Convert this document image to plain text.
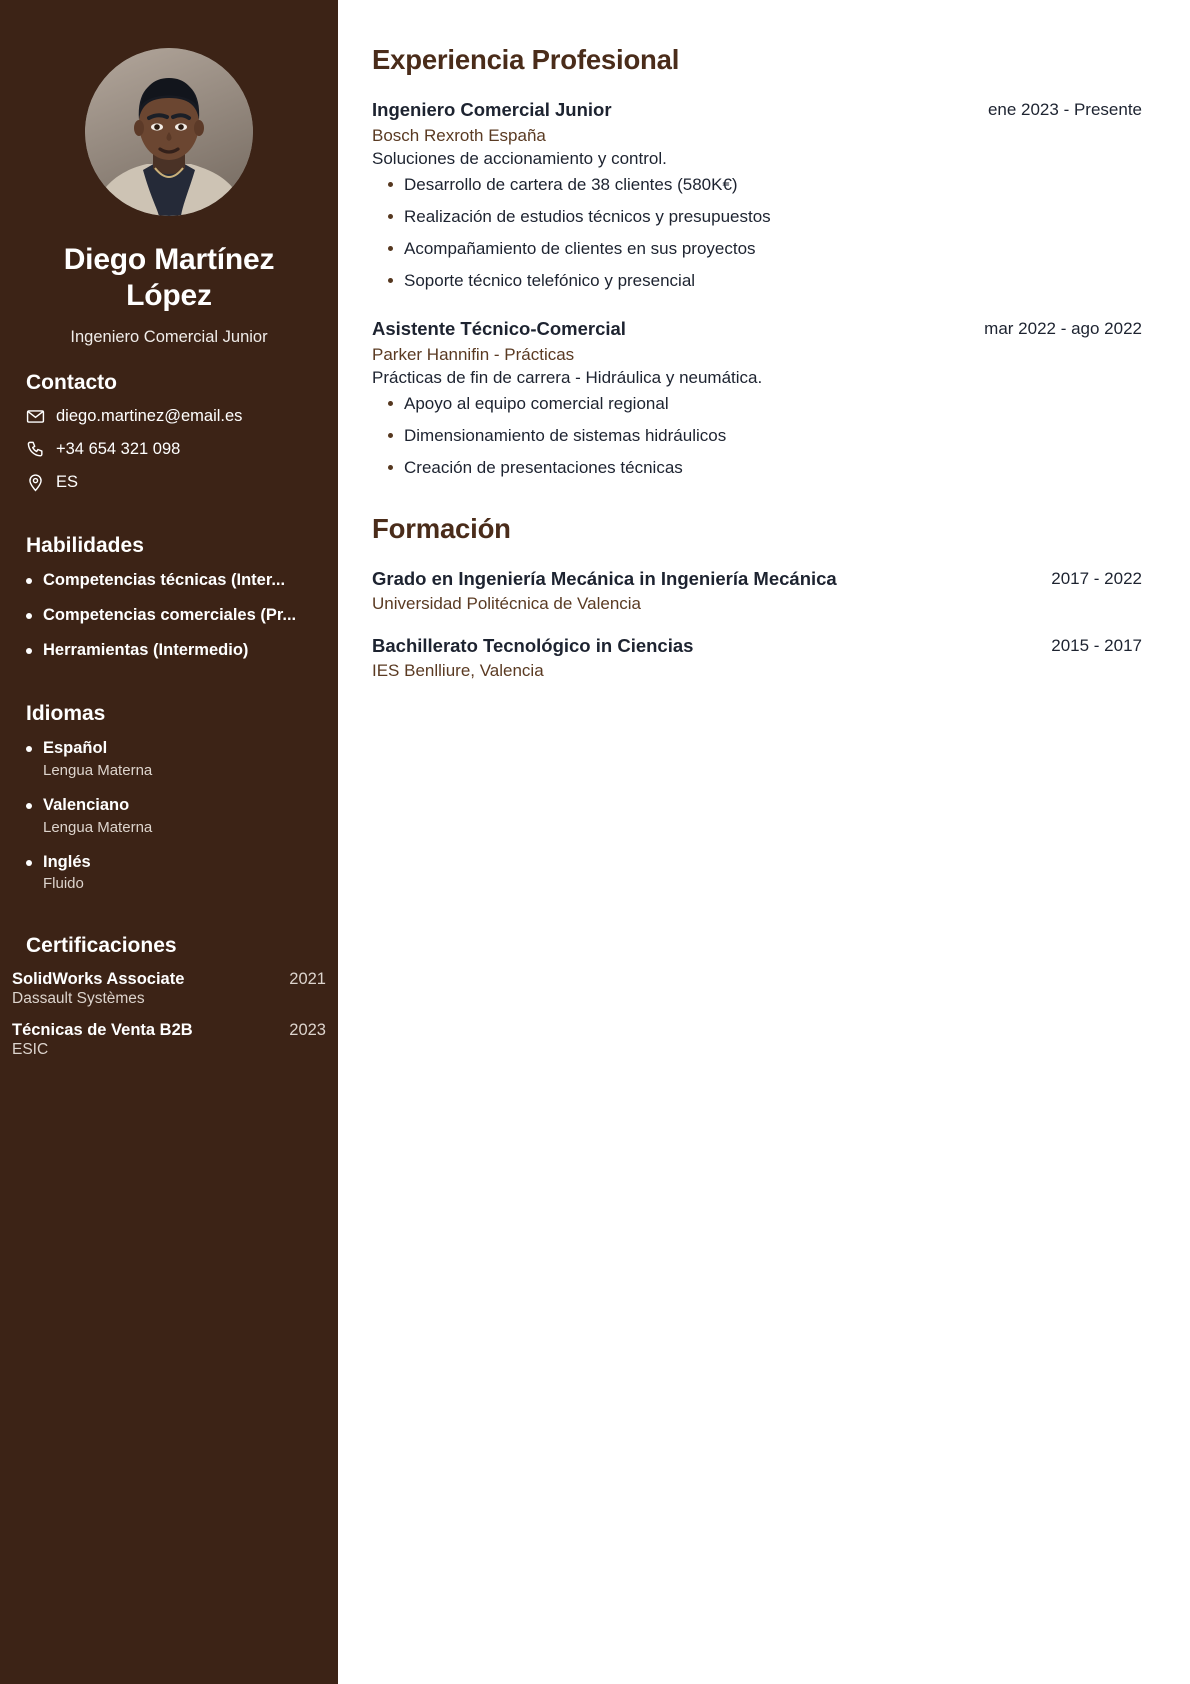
Diego Martínez López
Ingeniero Comercial Junior
Contacto
diego.martinez@email.es
+34 654 321 098
ES
Habilidades
Competencias técnicas (Inter...
Competencias comerciales (Pr...
Herramientas (Intermedio)
Idiomas
Español
Lengua Materna
Valenciano
Lengua Materna
Inglés
Fluido
Certificaciones
SolidWorks Associate	2021
Dassault Systèmes
Técnicas de Venta B2B	2023
ESIC
Experiencia Profesional
Ingeniero Comercial Junior	ene 2023 - Presente
Bosch Rexroth España
Soluciones de accionamiento y control.
Desarrollo de cartera de 38 clientes (580K€)
Realización de estudios técnicos y presupuestos
Acompañamiento de clientes en sus proyectos
Soporte técnico telefónico y presencial
Asistente Técnico-Comercial	mar 2022 - ago 2022
Parker Hannifin - Prácticas
Prácticas de fin de carrera - Hidráulica y neumática.
Apoyo al equipo comercial regional
Dimensionamiento de sistemas hidráulicos
Creación de presentaciones técnicas
Formación
Grado en Ingeniería Mecánica in Ingeniería Mecánica	2017 - 2022
Universidad Politécnica de Valencia
Bachillerato Tecnológico in Ciencias	2015 - 2017
IES Benlliure, Valencia
